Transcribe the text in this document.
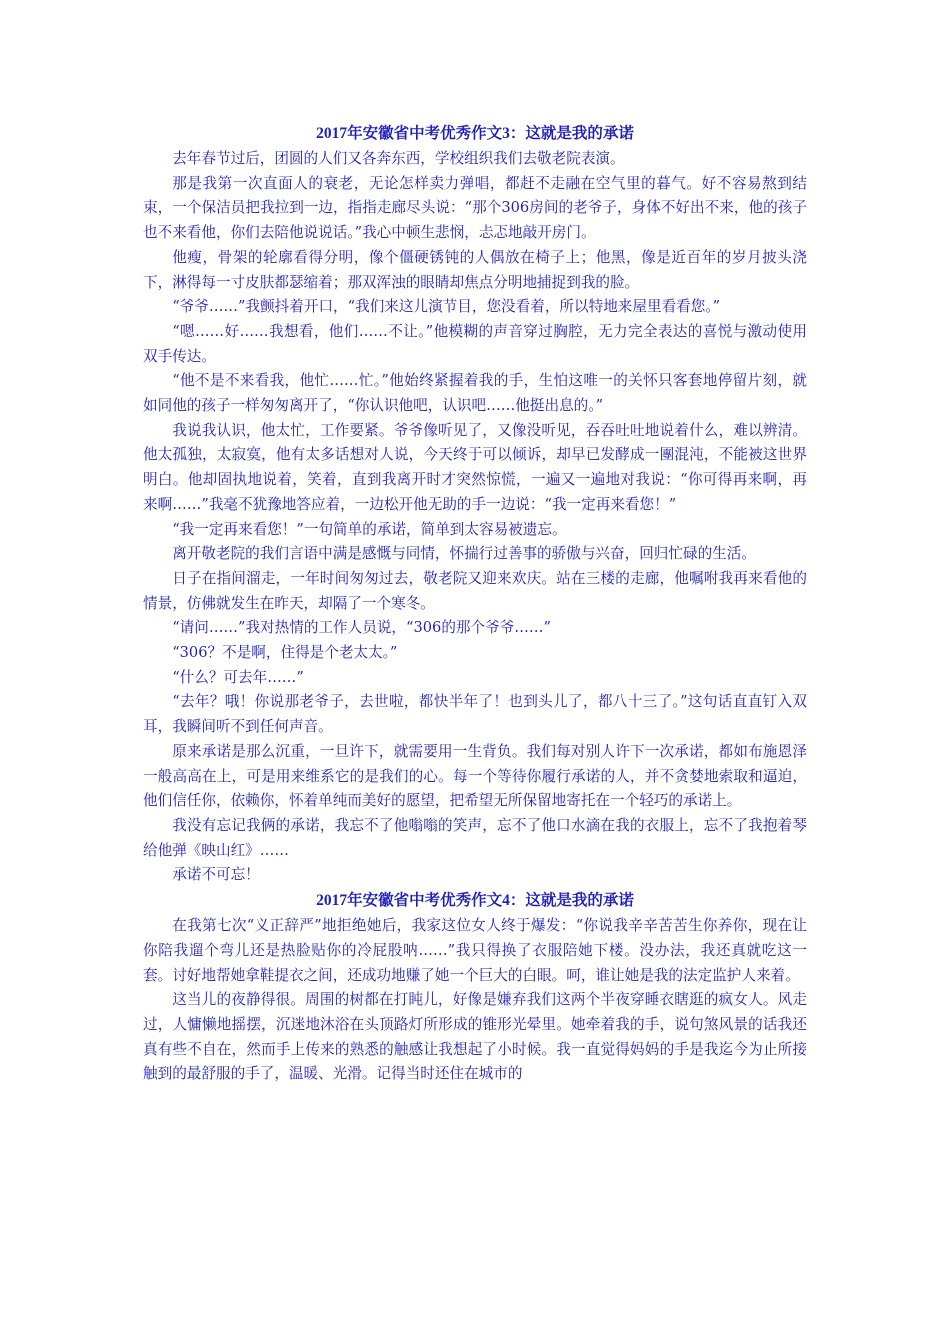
2017年安徽省中考优秀作文3：这就是我的承诺

去年春节过后，团圆的人们又各奔东西，学校组织我们去敬老院表演。

那是我第一次直面人的衰老，无论怎样卖力弹唱，都赶不走融在空气里的暮气。好不容易熬到结束，一个保洁员把我拉到一边，指指走廊尽头说：“那个306房间的老爷子，身体不好出不来，他的孩子也不来看他，你们去陪他说说话。”我心中顿生悲悯，忐忑地敲开房门。

他瘦，骨架的轮廓看得分明，像个僵硬锈钝的人偶放在椅子上；他黑，像是近百年的岁月披头浇下，淋得每一寸皮肤都瑟缩着；那双浑浊的眼睛却焦点分明地捕捉到我的脸。

“爷爷……”我颤抖着开口，“我们来这儿演节目，您没看着，所以特地来屋里看看您。”

“嗯……好……我想看，他们……不让。”他模糊的声音穿过胸腔，无力完全表达的喜悦与激动使用双手传达。

“他不是不来看我，他忙……忙。”他始终紧握着我的手，生怕这唯一的关怀只客套地停留片刻，就如同他的孩子一样匆匆离开了，“你认识他吧，认识吧……他挺出息的。”

我说我认识，他太忙，工作要紧。爷爷像听见了，又像没听见，吞吞吐吐地说着什么，难以辨清。他太孤独，太寂寞，他有太多话想对人说，今天终于可以倾诉，却早已发酵成一團混沌，不能被这世界明白。他却固执地说着，笑着，直到我离开时才突然惊慌，一遍又一遍地对我说：“你可得再来啊，再来啊……”我毫不犹豫地答应着，一边松开他无助的手一边说：“我一定再来看您！”

“我一定再来看您！”一句简单的承诺，简单到太容易被遗忘。

离开敬老院的我们言语中满是感慨与同情，怀揣行过善事的骄傲与兴奋，回归忙碌的生活。

日子在指间溜走，一年时间匆匆过去，敬老院又迎来欢庆。站在三楼的走廊，他嘱咐我再来看他的情景，仿佛就发生在昨天，却隔了一个寒冬。

“请问……”我对热情的工作人员说，“306的那个爷爷……”

“306？不是啊，住得是个老太太。”

“什么？可去年……”

“去年？哦！你说那老爷子，去世啦，都快半年了！也到头儿了，都八十三了。”这句话直直钉入双耳，我瞬间听不到任何声音。

原来承诺是那么沉重，一旦许下，就需要用一生背负。我们每对别人许下一次承诺，都如布施恩泽一般高高在上，可是用来维系它的是我们的心。每一个等待你履行承诺的人，并不贪婪地索取和逼迫，他们信任你，依赖你，怀着单纯而美好的愿望，把希望无所保留地寄托在一个轻巧的承诺上。

我没有忘记我俩的承诺，我忘不了他嗡嗡的笑声，忘不了他口水滴在我的衣服上，忘不了我抱着琴给他弹《映山红》……

承诺不可忘！

2017年安徽省中考优秀作文4：这就是我的承诺

在我第七次“义正辞严”地拒绝她后，我家这位女人终于爆发：“你说我辛辛苦苦生你养你，现在让你陪我遛个弯儿还是热脸贴你的冷屁股呐……”我只得换了衣服陪她下楼。没办法，我还真就吃这一套。讨好地帮她拿鞋提衣之间，还成功地赚了她一个巨大的白眼。呵，谁让她是我的法定监护人来着。

这当儿的夜静得很。周围的树都在打盹儿，好像是嫌弃我们这两个半夜穿睡衣瞎逛的疯女人。风走过，人慵懒地摇摆，沉迷地沐浴在头顶路灯所形成的锥形光晕里。她牵着我的手，说句煞风景的话我还真有些不自在，然而手上传来的熟悉的触感让我想起了小时候。我一直觉得妈妈的手是我迄今为止所接触到的最舒服的手了，温暖、光滑。记得当时还住在城市的
